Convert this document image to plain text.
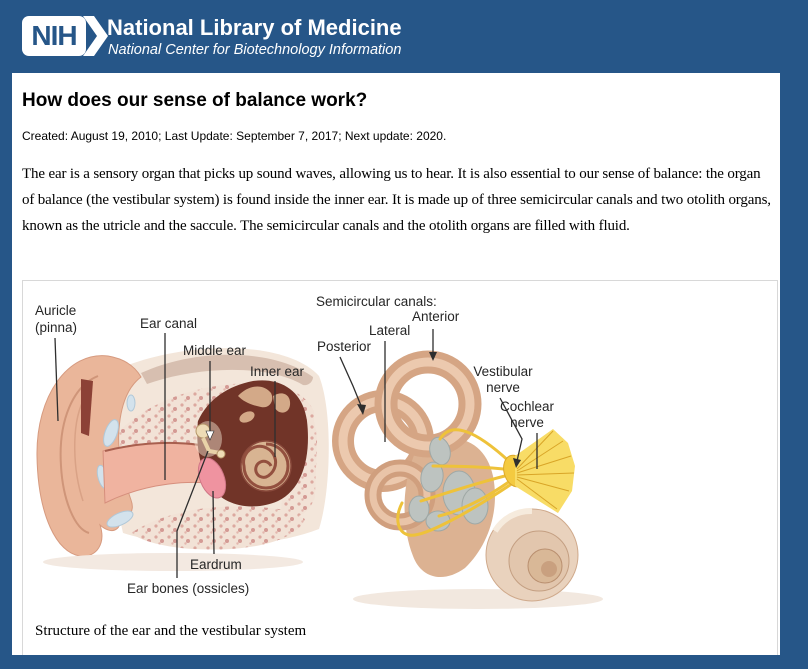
NIH	National Library of Medicine
National Center for Biotechnology Information
How does our sense of balance work?

Created: August 19, 2010; Last Update: September 7, 2017; Next update: 2020.

The ear is a sensory organ that picks up sound waves, allowing us to hear. It is also essential to our sense of balance: the organ of balance (the vestibular system) is found inside the inner ear. It is made up of three semicircular canals and two otolith organs, known as the utricle and the saccule. The semicircular canals and the otolith organs are filled with fluid.

Auricle
(pinna)	Ear canal
Middle ear
Inner ear
Eardrum
Ear bones (ossicles)
Semicircular canals:
Anterior
Lateral
Posterior
Vestibular
nerve
Cochlear
nerve
Structure of the ear and the vestibular system
